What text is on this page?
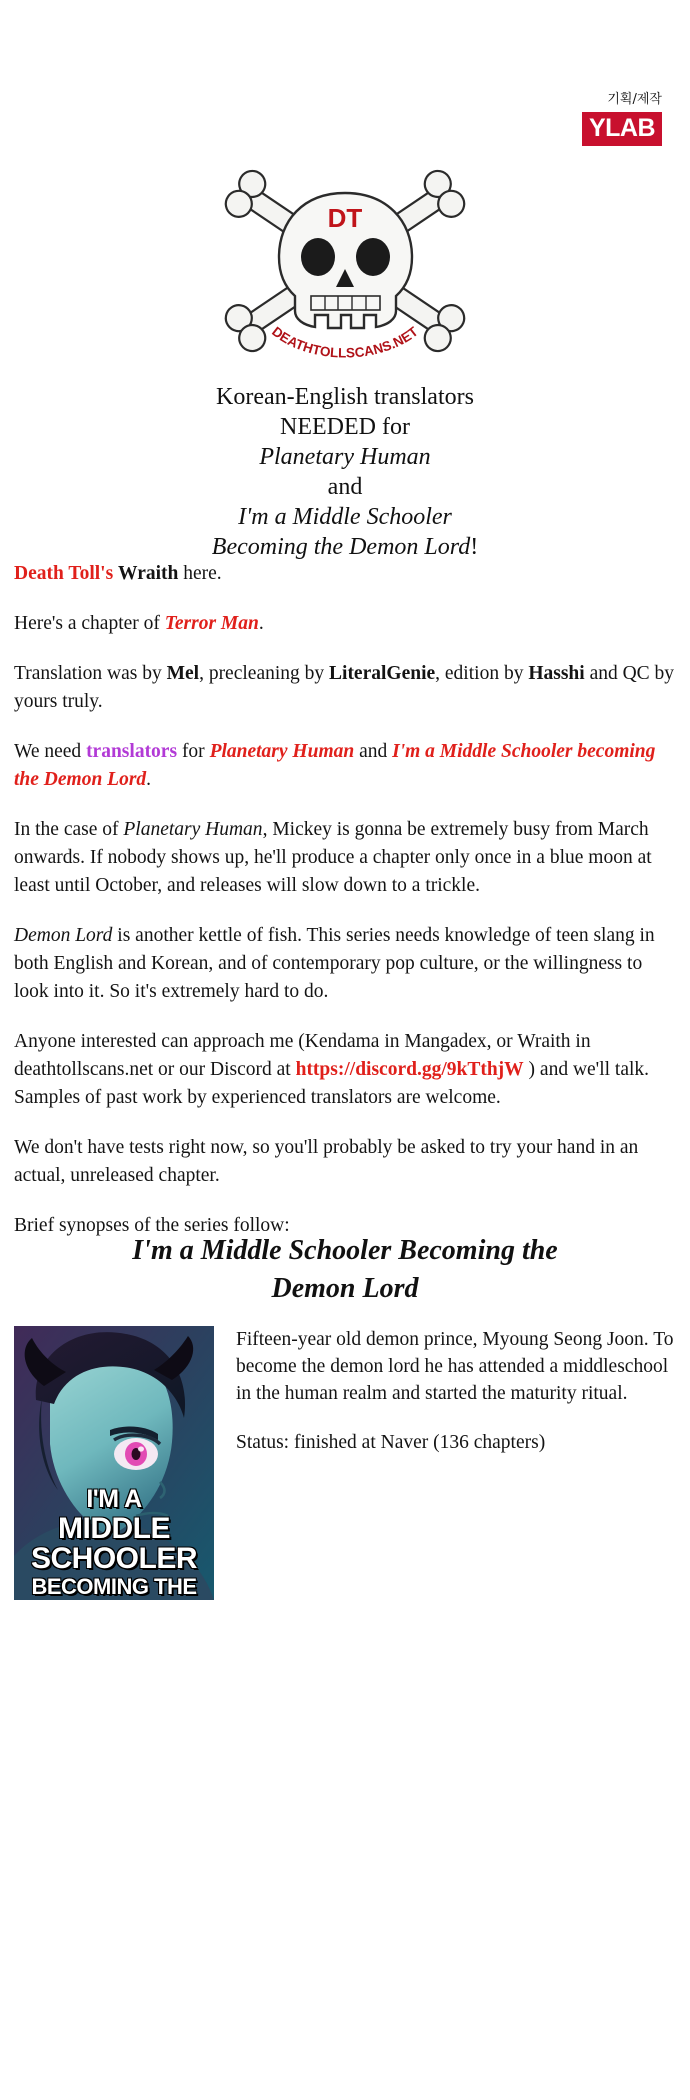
기획/제작
YLAB
DT
DEATHTOLLSCANS.NET
Korean-English translators
NEEDED for
Planetary Human
and
I'm a Middle Schooler
Becoming the Demon Lord!

Death Toll's Wraith here.

Here's a chapter of Terror Man.

Translation was by Mel, precleaning by LiteralGenie, edition by Hasshi and QC by yours truly.

We need translators for Planetary Human and I'm a Middle Schooler becoming the Demon Lord.

In the case of Planetary Human, Mickey is gonna be extremely busy from March onwards. If nobody shows up, he'll produce a chapter only once in a blue moon at least until October, and releases will slow down to a trickle.

Demon Lord is another kettle of fish. This series needs knowledge of teen slang in both English and Korean, and of contemporary pop culture, or the willingness to look into it. So it's extremely hard to do.

Anyone interested can approach me (Kendama in Mangadex, or Wraith in deathtollscans.net or our Discord at https://discord.gg/9kTthjW ) and we'll talk. Samples of past work by experienced translators are welcome.

We don't have tests right now, so you'll probably be asked to try your hand in an actual, unreleased chapter.

Brief synopses of the series follow:

I'm a Middle Schooler Becoming the
Demon Lord
I'M A
MIDDLE SCHOOLER
BECOMING THE

Fifteen-year old demon prince, Myoung Seong Joon. To become the demon lord he has attended a middleschool in the human realm and started the maturity ritual.

Status: finished at Naver (136 chapters)
